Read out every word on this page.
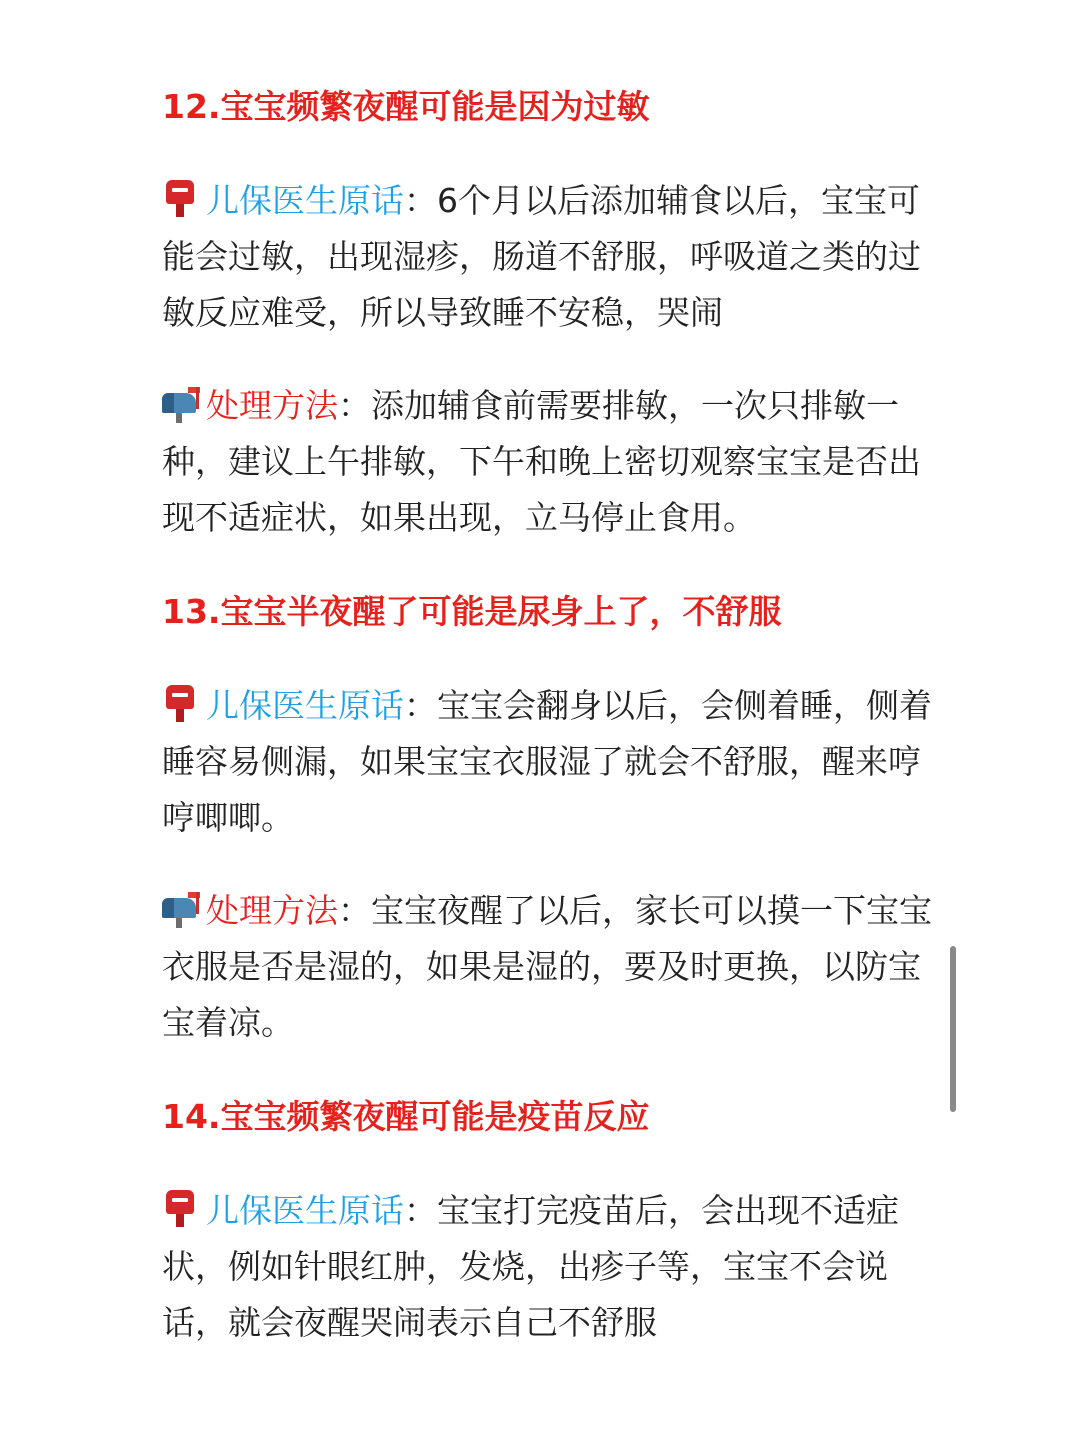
12.宝宝频繁夜醒可能是因为过敏
儿保医生原话：6个月以后添加辅食以后，宝宝可能会过敏，出现湿疹，肠道不舒服，呼吸道之类的过敏反应难受，所以导致睡不安稳，哭闹
处理方法：添加辅食前需要排敏，一次只排敏一种，建议上午排敏，下午和晚上密切观察宝宝是否出现不适症状，如果出现，立马停止食用。
13.宝宝半夜醒了可能是尿身上了，不舒服
儿保医生原话：宝宝会翻身以后，会侧着睡，侧着睡容易侧漏，如果宝宝衣服湿了就会不舒服，醒来哼哼唧唧。
处理方法：宝宝夜醒了以后，家长可以摸一下宝宝衣服是否是湿的，如果是湿的，要及时更换，以防宝宝着凉。
14.宝宝频繁夜醒可能是疫苗反应
儿保医生原话：宝宝打完疫苗后，会出现不适症状，例如针眼红肿，发烧，出疹子等，宝宝不会说话，就会夜醒哭闹表示自己不舒服
